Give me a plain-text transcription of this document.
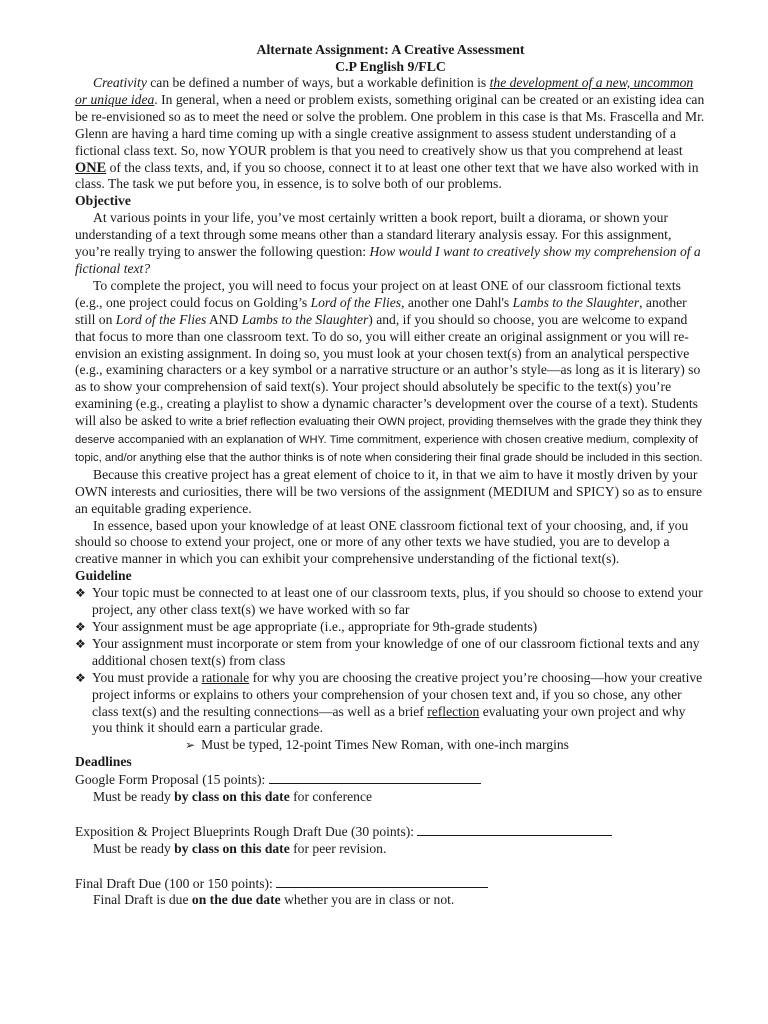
Alternate Assignment: A Creative Assessment

C.P English 9/FLC

Creativity can be defined a number of ways, but a workable definition is the development of a new, uncommon or unique idea. In general, when a need or problem exists, something original can be created or an existing idea can be re-envisioned so as to meet the need or solve the problem. One problem in this case is that Ms. Frascella and Mr. Glenn are having a hard time coming up with a single creative assignment to assess student understanding of a fictional class text. So, now YOUR problem is that you need to creatively show us that you comprehend at least ONE of the class texts, and, if you so choose, connect it to at least one other text that we have also worked with in class. The task we put before you, in essence, is to solve both of our problems.

Objective

At various points in your life, you’ve most certainly written a book report, built a diorama, or shown your understanding of a text through some means other than a standard literary analysis essay. For this assignment, you’re really trying to answer the following question: How would I want to creatively show my comprehension of a fictional text?

To complete the project, you will need to focus your project on at least ONE of our classroom fictional texts (e.g., one project could focus on Golding’s Lord of the Flies, another one Dahl's Lambs to the Slaughter, another still on Lord of the Flies AND Lambs to the Slaughter) and, if you should so choose, you are welcome to expand that focus to more than one classroom text. To do so, you will either create an original assignment or you will re-envision an existing assignment. In doing so, you must look at your chosen text(s) from an analytical perspective (e.g., examining characters or a key symbol or a narrative structure or an author’s style—as long as it is literary) so as to show your comprehension of said text(s). Your project should absolutely be specific to the text(s) you’re examining (e.g., creating a playlist to show a dynamic character’s development over the course of a text). Students will also be asked to write a brief reflection evaluating their OWN project, providing themselves with the grade they think they deserve accompanied with an explanation of WHY. Time commitment, experience with chosen creative medium, complexity of topic, and/or anything else that the author thinks is of note when considering their final grade should be included in this section.

Because this creative project has a great element of choice to it, in that we aim to have it mostly driven by your OWN interests and curiosities, there will be two versions of the assignment (MEDIUM and SPICY) so as to ensure an equitable grading experience.

In essence, based upon your knowledge of at least ONE classroom fictional text of your choosing, and, if you should so choose to extend your project, one or more of any other texts we have studied, you are to develop a creative manner in which you can exhibit your comprehensive understanding of the fictional text(s).

Guideline

❖ Your topic must be connected to at least one of our classroom texts, plus, if you should so choose to extend your project, any other class text(s) we have worked with so far
❖ Your assignment must be age appropriate (i.e., appropriate for 9th-grade students)
❖ Your assignment must incorporate or stem from your knowledge of one of our classroom fictional texts and any additional chosen text(s) from class
❖ You must provide a rationale for why you are choosing the creative project you’re choosing—how your creative project informs or explains to others your comprehension of your chosen text and, if you so chose, any other class text(s) and the resulting connections—as well as a brief reflection evaluating your own project and why you think it should earn a particular grade.

➢ Must be typed, 12-point Times New Roman, with one-inch margins

Deadlines

Google Form Proposal (15 points):

Must be ready by class on this date for conference

Exposition & Project Blueprints Rough Draft Due (30 points):

Must be ready by class on this date for peer revision.

Final Draft Due (100 or 150 points):

Final Draft is due on the due date whether you are in class or not.
